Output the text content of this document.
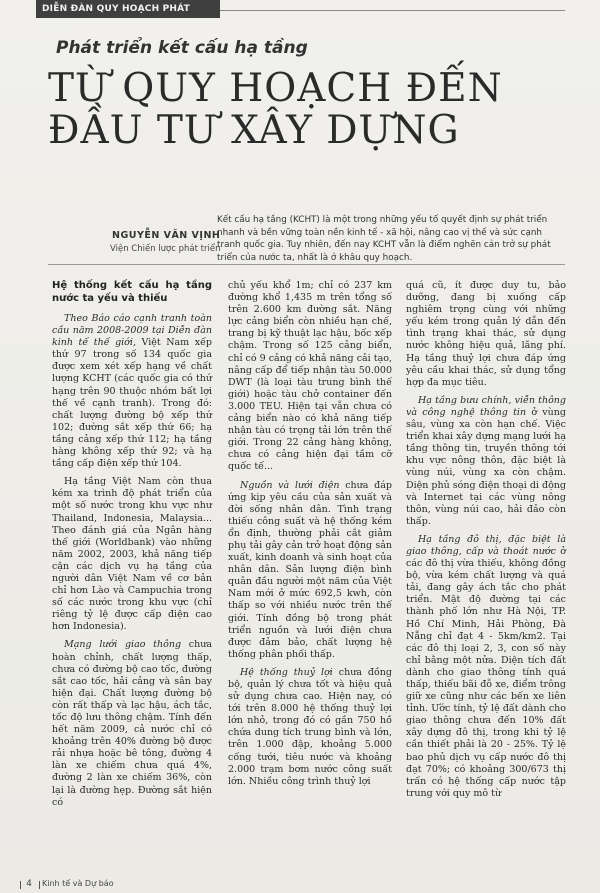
DIỄN ĐÀN QUY HOẠCH PHÁT TRIỂN
Phát triển kết cấu hạ tầng
TỪ QUY HOẠCH ĐẾN
ĐẦU TƯ XÂY DỰNG
NGUYỄN VĂN VỊNH
Viện Chiến lược phát triển

Kết cấu hạ tầng (KCHT) là một trong những yếu tố quyết định sự phát triển nhanh và bền vững toàn nền kinh tế - xã hội, nâng cao vị thế và sức cạnh tranh quốc gia. Tuy nhiên, đến nay KCHT vẫn là điểm nghẽn cản trở sự phát triển của nước ta, nhất là ở khâu quy hoạch.

Hệ thống kết cấu hạ tầng nước ta yếu và thiếu

Theo Báo cáo cạnh tranh toàn cầu năm 2008-2009 tại Diễn đàn kinh tế thế giới, Việt Nam xếp thứ 97 trong số 134 quốc gia được xem xét xếp hạng về chất lượng KCHT (các quốc gia có thứ hạng trên 90 thuộc nhóm bất lợi thế về cạnh tranh). Trong đó: chất lượng đường bộ xếp thứ 102; đường sắt xếp thứ 66; hạ tầng cảng xếp thứ 112; hạ tầng hàng không xếp thứ 92; và hạ tầng cấp điện xếp thứ 104.

Hạ tầng Việt Nam còn thua kém xa trình độ phát triển của một số nước trong khu vực như Thailand, Indonesia, Malaysia... Theo đánh giá của Ngân hàng thế giới (Worldbank) vào những năm 2002, 2003, khả năng tiếp cận các dịch vụ hạ tầng của người dân Việt Nam về cơ bản chỉ hơn Lào và Campuchia trong số các nước trong khu vực (chỉ riêng tỷ lệ được cấp điện cao hơn Indonesia).

Mạng lưới giao thông chưa hoàn chỉnh, chất lượng thấp, chưa có đường bộ cao tốc, đường sắt cao tốc, hải cảng và sân bay hiện đại. Chất lượng đường bộ còn rất thấp và lạc hậu, ách tắc, tốc độ lưu thông chậm. Tính đến hết năm 2009, cả nước chỉ có khoảng trên 40% đường bộ được rải nhựa hoặc bê tông, đường 4 làn xe chiếm chưa quá 4%, đường 2 làn xe chiếm 36%, còn lại là đường hẹp. Đường sắt hiện có

chủ yếu khổ 1m; chỉ có 237 km đường khổ 1,435 m trên tổng số trên 2.600 km đường sắt. Năng lực cảng biển còn nhiều hạn chế, trang bị kỹ thuật lạc hậu, bốc xếp chậm. Trong số 125 cảng biển, chỉ có 9 cảng có khả năng cải tạo, nâng cấp để tiếp nhận tàu 50.000 DWT (là loại tàu trung bình thế giới) hoặc tàu chở container đến 3.000 TEU. Hiện tại vẫn chưa có cảng biển nào có khả năng tiếp nhận tàu có trọng tải lớn trên thế giới. Trong 22 cảng hàng không, chưa có cảng hiện đại tầm cỡ quốc tế...

Nguồn và lưới điện chưa đáp ứng kịp yêu cầu của sản xuất và đời sống nhân dân. Tình trạng thiếu công suất và hệ thống kém ổn định, thường phải cắt giảm phụ tải gây cản trở hoạt động sản xuất, kinh doanh và sinh hoạt của nhân dân. Sản lượng điện bình quân đầu người một năm của Việt Nam mới ở mức 692,5 kwh, còn thấp so với nhiều nước trên thế giới. Tính đồng bộ trong phát triển nguồn và lưới điện chưa được đảm bảo, chất lượng hệ thống phân phối thấp.

Hệ thống thuỷ lợi chưa đồng bộ, quản lý chưa tốt và hiệu quả sử dụng chưa cao. Hiện nay, có tới trên 8.000 hệ thống thuỷ lợi lớn nhỏ, trong đó có gần 750 hồ chứa dung tích trung bình và lớn, trên 1.000 đập, khoảng 5.000 cống tưới, tiêu nước và khoảng 2.000 trạm bơm nước công suất lớn. Nhiều công trình thuỷ lợi

quá cũ, ít được duy tu, bảo dưỡng, đang bị xuống cấp nghiêm trọng cùng với những yếu kém trong quản lý dẫn đến tình trạng khai thác, sử dụng nước không hiệu quả, lãng phí. Hạ tầng thuỷ lợi chưa đáp ứng yêu cầu khai thác, sử dụng tổng hợp đa mục tiêu.

Hạ tầng bưu chính, viễn thông và công nghệ thông tin ở vùng sâu, vùng xa còn hạn chế. Việc triển khai xây dựng mạng lưới hạ tầng thông tin, truyền thông tới khu vực nông thôn, đặc biệt là vùng núi, vùng xa còn chậm. Diện phủ sóng điện thoại di động và Internet tại các vùng nông thôn, vùng núi cao, hải đảo còn thấp.

Hạ tầng đô thị, đặc biệt là giao thông, cấp và thoát nước ở các đô thị vừa thiếu, không đồng bộ, vừa kém chất lượng và quá tải, đang gây ách tắc cho phát triển. Mật độ đường tại các thành phố lớn như Hà Nội, TP. Hồ Chí Minh, Hải Phòng, Đà Nẵng chỉ đạt 4 - 5km/km2. Tại các đô thị loại 2, 3, con số này chỉ bằng một nửa. Diện tích đất dành cho giao thông tính quá thấp, thiếu bãi đỗ xe, điểm trông giữ xe cũng như các bến xe liên tỉnh. Ước tính, tỷ lệ đất dành cho giao thông chưa đến 10% đất xây dựng đô thị, trong khi tỷ lệ cần thiết phải là 20 - 25%. Tỷ lệ bao phủ dịch vụ cấp nước đô thị đạt 70%; có khoảng 300/673 thị trấn có hệ thống cấp nước tập trung với quy mô từ

4	Kinh tế và Dự báo
